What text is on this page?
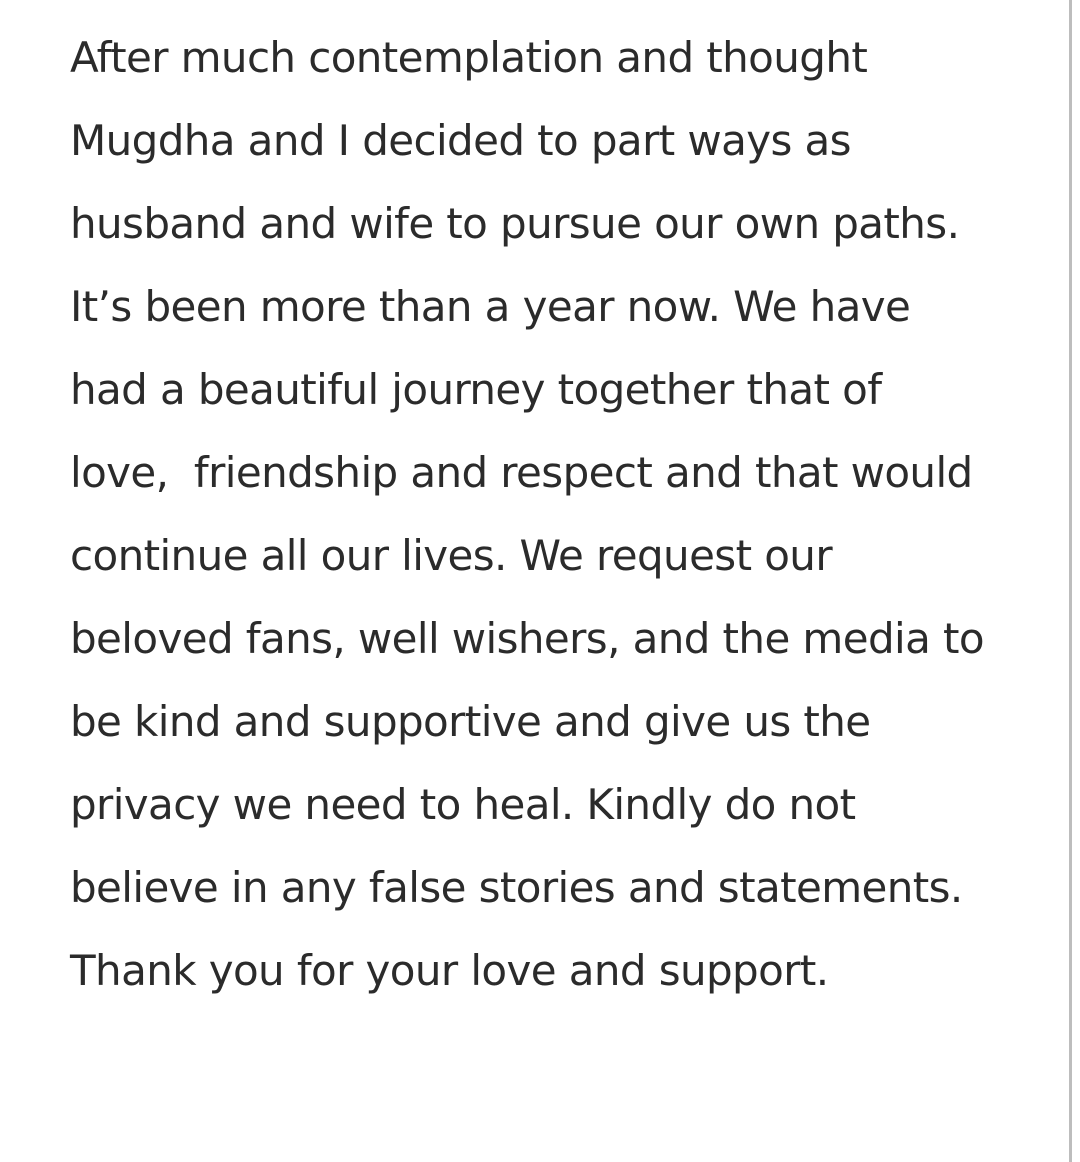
After much contemplation and thought
Mugdha and I decided to part ways as
husband and wife to pursue our own paths.
It’s been more than a year now. We have
had a beautiful journey together that of
love,  friendship and respect and that would
continue all our lives. We request our
beloved fans, well wishers, and the media to
be kind and supportive and give us the
privacy we need to heal. Kindly do not
believe in any false stories and statements.
Thank you for your love and support.
